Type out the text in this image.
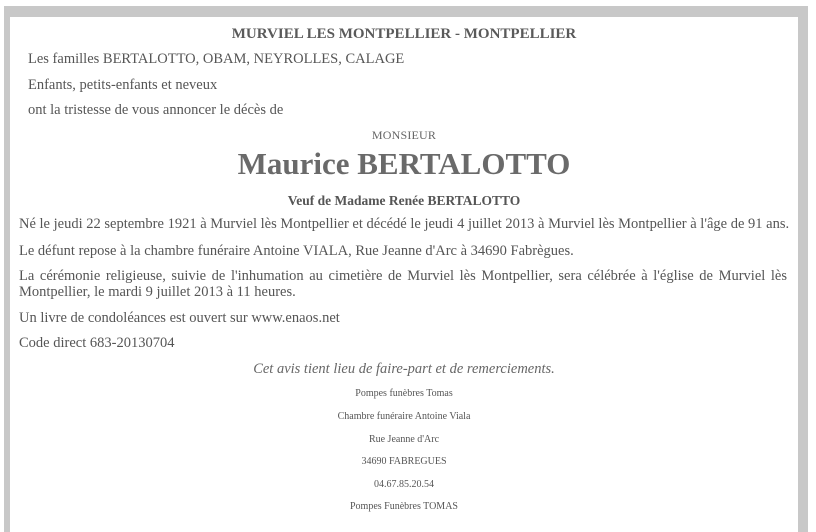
MURVIEL LES MONTPELLIER - MONTPELLIER
Les familles BERTALOTTO, OBAM, NEYROLLES, CALAGE
Enfants, petits-enfants et neveux
ont la tristesse de vous annoncer le décès de
MONSIEUR
Maurice BERTALOTTO
Veuf de Madame Renée BERTALOTTO
Né le jeudi 22 septembre 1921 à Murviel lès Montpellier et décédé le jeudi 4 juillet 2013 à Murviel lès Montpellier à l'âge de 91 ans.
Le défunt repose à la chambre funéraire Antoine VIALA, Rue Jeanne d'Arc à 34690 Fabrègues.
La cérémonie religieuse, suivie de l'inhumation au cimetière de Murviel lès Montpellier, sera célébrée à l'église de Murviel lès Montpellier, le mardi 9 juillet 2013 à 11 heures.
Un livre de condoléances est ouvert sur www.enaos.net
Code direct 683-20130704
Cet avis tient lieu de faire-part et de remerciements.
Pompes funèbres Tomas
Chambre funéraire Antoine Viala
Rue Jeanne d'Arc
34690 FABREGUES
04.67.85.20.54
Pompes Funèbres TOMAS
